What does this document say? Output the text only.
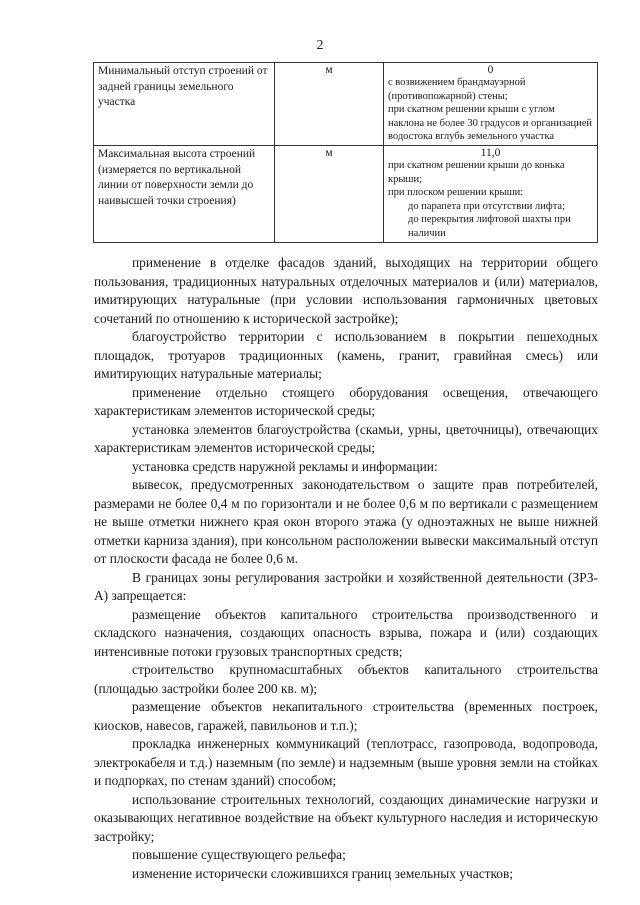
2
Минимальный отступ строений от задней границы земельного участка	м	0
с возвижением брандмауэрной (противопожарной) стены;
при скатном решении крыши с углом наклона не более 30 градусов и организацией водостока вглубь земельного участка

Максимальная высота строений (измеряется по вертикальной линии от поверхности земли до наивысшей точки строения)	м	11,0
при скатном решении крыши до конька крыши;
при плоском решении крыши:
до парапета при отсутствии лифта;
до перекрытия лифтовой шахты при наличии

применение в отделке фасадов зданий, выходящих на территории общего пользования, традиционных натуральных отделочных материалов и (или) материалов, имитирующих натуральные (при условии использования гармоничных цветовых сочетаний по отношению к исторической застройке);

благоустройство территории с использованием в покрытии пешеходных площадок, тротуаров традиционных (камень, гранит, гравийная смесь) или имитирующих натуральные материалы;

применение отдельно стоящего оборудования освещения, отвечающего характеристикам элементов исторической среды;

установка элементов благоустройства (скамьи, урны, цветочницы), отвечающих характеристикам элементов исторической среды;

установка средств наружной рекламы и информации:

вывесок, предусмотренных законодательством о защите прав потребителей, размерами не более 0,4 м по горизонтали и не более 0,6 м по вертикали с размещением не выше отметки нижнего края окон второго этажа (у одноэтажных не выше нижней отметки карниза здания), при консольном расположении вывески максимальный отступ от плоскости фасада не более 0,6 м.

В границах зоны регулирования застройки и хозяйственной деятельности (ЗРЗ-А) запрещается:

размещение объектов капитального строительства производственного и складского назначения, создающих опасность взрыва, пожара и (или) создающих интенсивные потоки грузовых транспортных средств;

строительство крупномасштабных объектов капитального строительства (площадью застройки более 200 кв. м);

размещение объектов некапитального строительства (временных построек, киосков, навесов, гаражей, павильонов и т.п.);

прокладка инженерных коммуникаций (теплотрасс, газопровода, водопровода, электрокабеля и т.д.) наземным (по земле) и надземным (выше уровня земли на стойках и подпорках, по стенам зданий) способом;

использование строительных технологий, создающих динамические нагрузки и оказывающих негативное воздействие на объект культурного наследия и историческую застройку;

повышение существующего рельефа;

изменение исторически сложившихся границ земельных участков;
